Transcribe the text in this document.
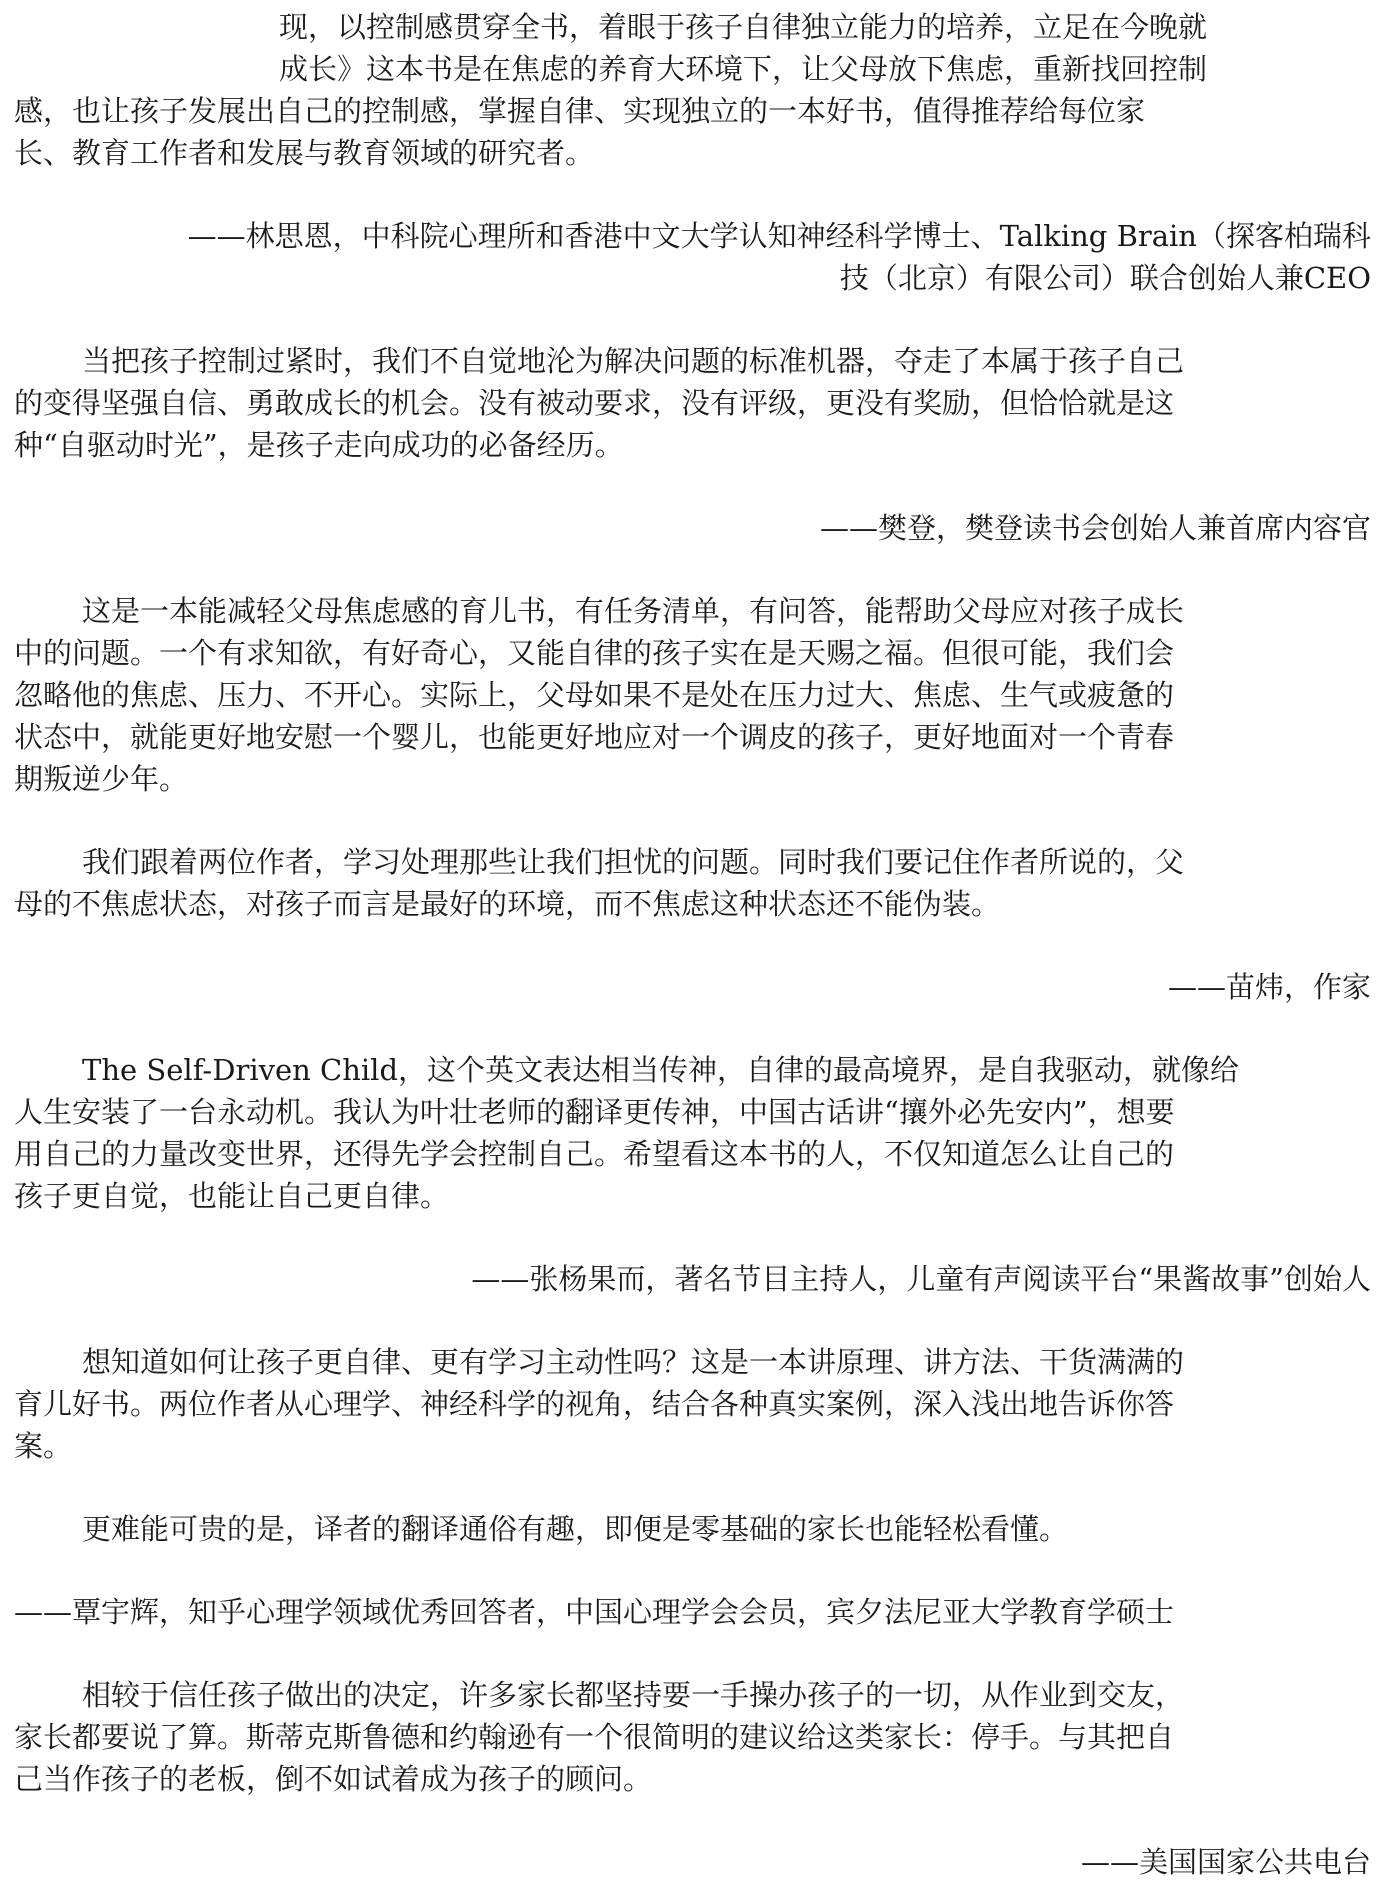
现，以控制感贯穿全书，着眼于孩子自律独立能力的培养，立足在今晚就

成长》这本书是在焦虑的养育大环境下，让父母放下焦虑，重新找回控制

感，也让孩子发展出自己的控制感，掌握自律、实现独立的一本好书，值得推荐给每位家

长、教育工作者和发展与教育领域的研究者。

——林思恩，中科院心理所和香港中文大学认知神经科学博士、Talking Brain（探客柏瑞科

技（北京）有限公司）联合创始人兼CEO

当把孩子控制过紧时，我们不自觉地沦为解决问题的标准机器，夺走了本属于孩子自己

的变得坚强自信、勇敢成长的机会。没有被动要求，没有评级，更没有奖励，但恰恰就是这

种“自驱动时光”，是孩子走向成功的必备经历。

——樊登，樊登读书会创始人兼首席内容官

这是一本能减轻父母焦虑感的育儿书，有任务清单，有问答，能帮助父母应对孩子成长

中的问题。一个有求知欲，有好奇心，又能自律的孩子实在是天赐之福。但很可能，我们会

忽略他的焦虑、压力、不开心。实际上，父母如果不是处在压力过大、焦虑、生气或疲惫的

状态中，就能更好地安慰一个婴儿，也能更好地应对一个调皮的孩子，更好地面对一个青春

期叛逆少年。

我们跟着两位作者，学习处理那些让我们担忧的问题。同时我们要记住作者所说的，父

母的不焦虑状态，对孩子而言是最好的环境，而不焦虑这种状态还不能伪装。

——苗炜，作家

The Self-Driven Child，这个英文表达相当传神，自律的最高境界，是自我驱动，就像给

人生安装了一台永动机。我认为叶壮老师的翻译更传神，中国古话讲“攘外必先安内”，想要

用自己的力量改变世界，还得先学会控制自己。希望看这本书的人，不仅知道怎么让自己的

孩子更自觉，也能让自己更自律。

——张杨果而，著名节目主持人，儿童有声阅读平台“果酱故事”创始人

想知道如何让孩子更自律、更有学习主动性吗？这是一本讲原理、讲方法、干货满满的

育儿好书。两位作者从心理学、神经科学的视角，结合各种真实案例，深入浅出地告诉你答

案。

更难能可贵的是，译者的翻译通俗有趣，即便是零基础的家长也能轻松看懂。

——覃宇辉，知乎心理学领域优秀回答者，中国心理学会会员，宾夕法尼亚大学教育学硕士

相较于信任孩子做出的决定，许多家长都坚持要一手操办孩子的一切，从作业到交友，

家长都要说了算。斯蒂克斯鲁德和约翰逊有一个很简明的建议给这类家长：停手。与其把自

己当作孩子的老板，倒不如试着成为孩子的顾问。

——美国国家公共电台
